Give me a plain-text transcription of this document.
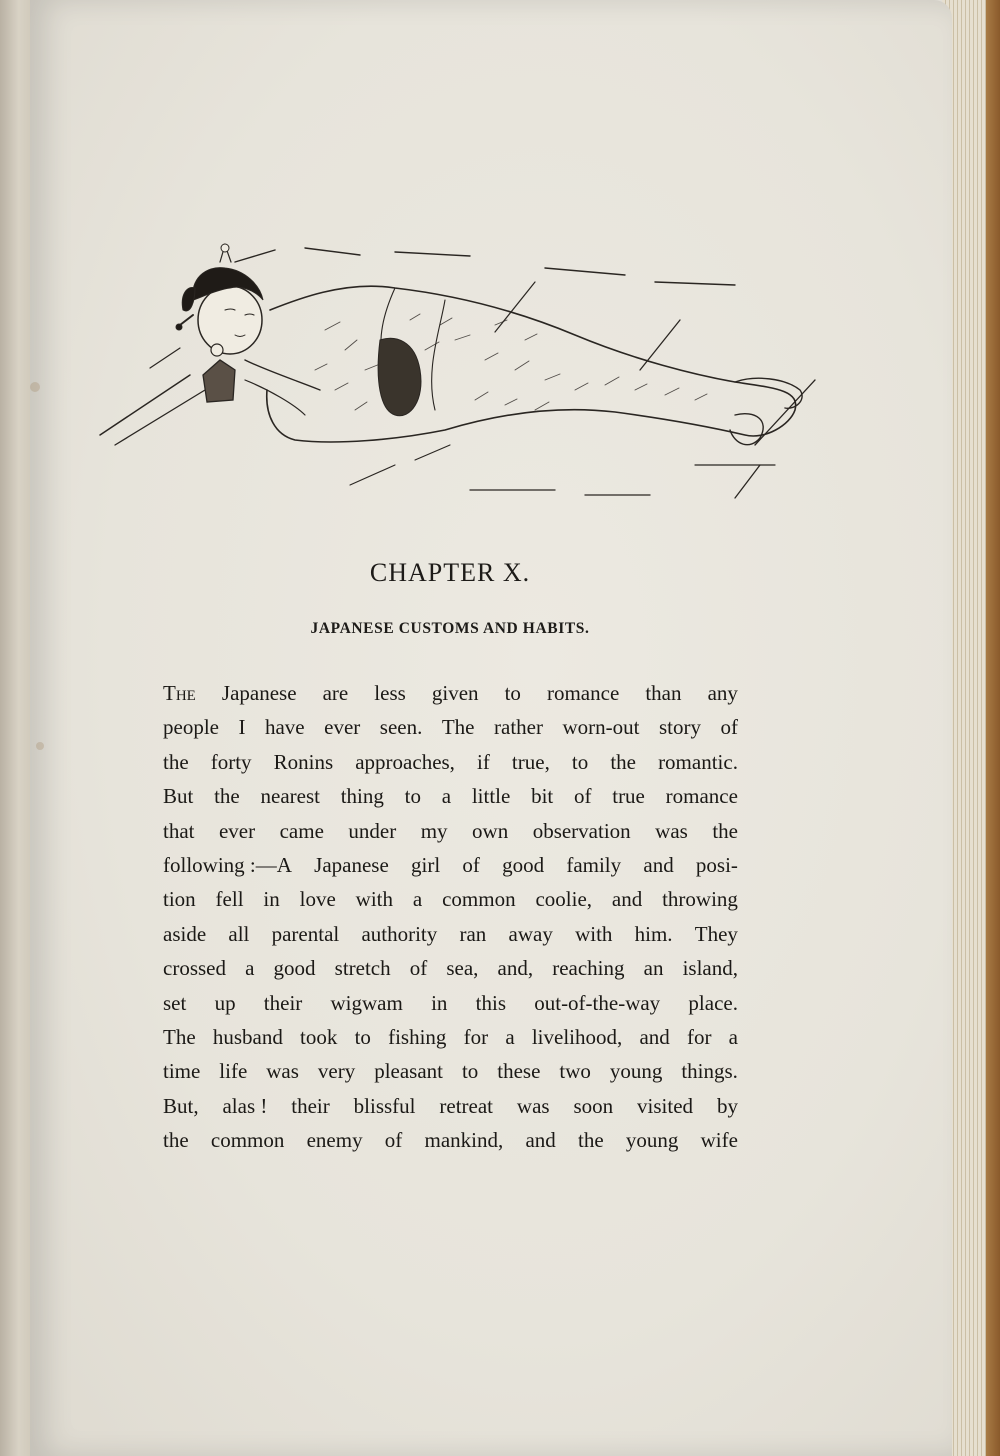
CHAPTER X.
JAPANESE CUSTOMS AND HABITS.
The Japanese are less given to romance than any
people I have ever seen. The rather worn-out story of
the forty Ronins approaches, if true, to the romantic.
But the nearest thing to a little bit of true romance
that ever came under my own observation was the
following :—A Japanese girl of good family and posi-
tion fell in love with a common coolie, and throwing
aside all parental authority ran away with him. They
crossed a good stretch of sea, and, reaching an island,
set up their wigwam in this out-of-the-way place.
The husband took to fishing for a livelihood, and for a
time life was very pleasant to these two young things.
But, alas ! their blissful retreat was soon visited by
the common enemy of mankind, and the young wife
